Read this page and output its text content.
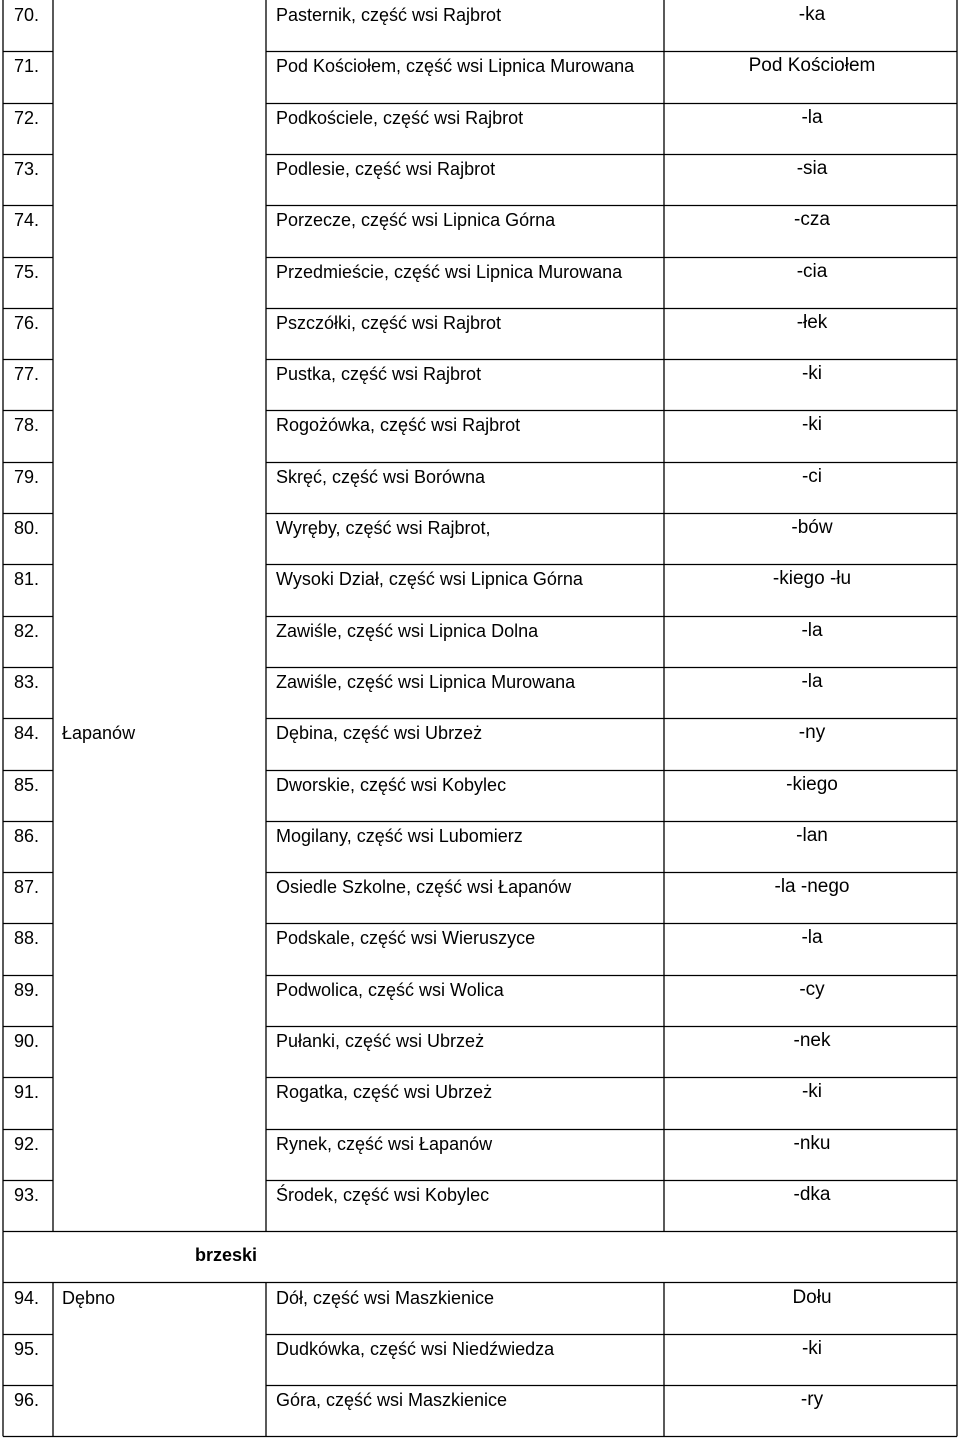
70.	Pasternik, część wsi Rajbrot	-ka
71.	Pod Kościołem, część wsi Lipnica Murowana	Pod Kościołem
72.	Podkościele, część wsi Rajbrot	-la
73.	Podlesie, część wsi Rajbrot	-sia
74.	Porzecze, część wsi Lipnica Górna	-cza
75.	Przedmieście, część wsi Lipnica Murowana	-cia
76.	Pszczółki, część wsi Rajbrot	-łek
77.	Pustka, część wsi Rajbrot	-ki
78.	Rogożówka, część wsi Rajbrot	-ki
79.	Skręć, część wsi Borówna	-ci
80.	Wyręby, część wsi Rajbrot,	-bów
81.	Wysoki Dział, część wsi Lipnica Górna	-kiego -łu
82.	Zawiśle, część wsi Lipnica Dolna	-la
83.	Zawiśle, część wsi Lipnica Murowana	-la
84. Łapanów	Dębina, część wsi Ubrzeż	-ny
85.	Dworskie, część wsi Kobylec	-kiego
86.	Mogilany, część wsi Lubomierz	-lan
87.	Osiedle Szkolne, część wsi Łapanów	-la -nego
88.	Podskale, część wsi Wieruszyce	-la
89.	Podwolica, część wsi Wolica	-cy
90.	Pułanki, część wsi Ubrzeż	-nek
91.	Rogatka, część wsi Ubrzeż	-ki
92.	Rynek, część wsi Łapanów	-nku
93.	Środek, część wsi Kobylec	-dka
brzeski
94. Dębno	Dół, część wsi Maszkienice	Dołu
95.	Dudkówka, część wsi Niedźwiedza	-ki
96.	Góra, część wsi Maszkienice	-ry
